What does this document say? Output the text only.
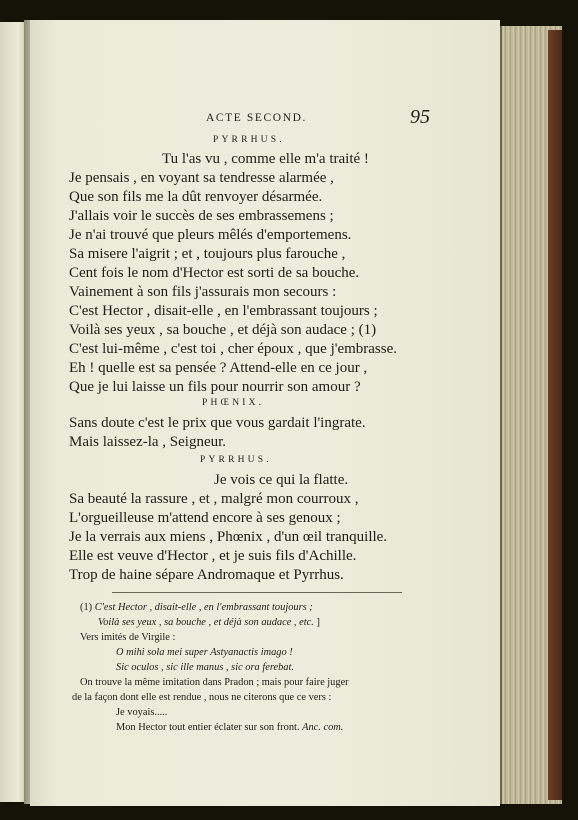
ACTE SECOND.	95
PYRRHUS.
Tu l'as vu , comme elle m'a traité !
Je pensais , en voyant sa tendresse alarmée ,
Que son fils me la dût renvoyer désarmée.
J'allais voir le succès de ses embrassemens ;
Je n'ai trouvé que pleurs mêlés d'emportemens.
Sa misere l'aigrit ; et , toujours plus farouche ,
Cent fois le nom d'Hector est sorti de sa bouche.
Vainement à son fils j'assurais mon secours :
C'est Hector , disait-elle , en l'embrassant toujours ;
Voilà ses yeux , sa bouche , et déjà son audace ; (1)
C'est lui-même , c'est toi , cher époux , que j'embrasse.
Eh ! quelle est sa pensée ? Attend-elle en ce jour ,
Que je lui laisse un fils pour nourrir son amour ?
PHŒNIX.
Sans doute c'est le prix que vous gardait l'ingrate.
Mais laissez-la , Seigneur.
PYRRHUS.
Je vois ce qui la flatte.
Sa beauté la rassure , et , malgré mon courroux ,
L'orgueilleuse m'attend encore à ses genoux ;
Je la verrais aux miens , Phœnix , d'un œil tranquille.
Elle est veuve d'Hector , et je suis fils d'Achille.
Trop de haine sépare Andromaque et Pyrrhus.
(1) C'est Hector , disait-elle , en l'embrassant toujours ;
Voilà ses yeux , sa bouche , et déjà son audace , etc. ]
Vers imités de Virgile :
O mihi sola mei super Astyanactis imago !
Sic oculos , sic ille manus , sic ora ferebat.
On trouve la même imitation dans Pradon ; mais pour faire juger
de la façon dont elle est rendue , nous ne citerons que ce vers :
Je voyais.....
Mon Hector tout entier éclater sur son front. Anc. com.
